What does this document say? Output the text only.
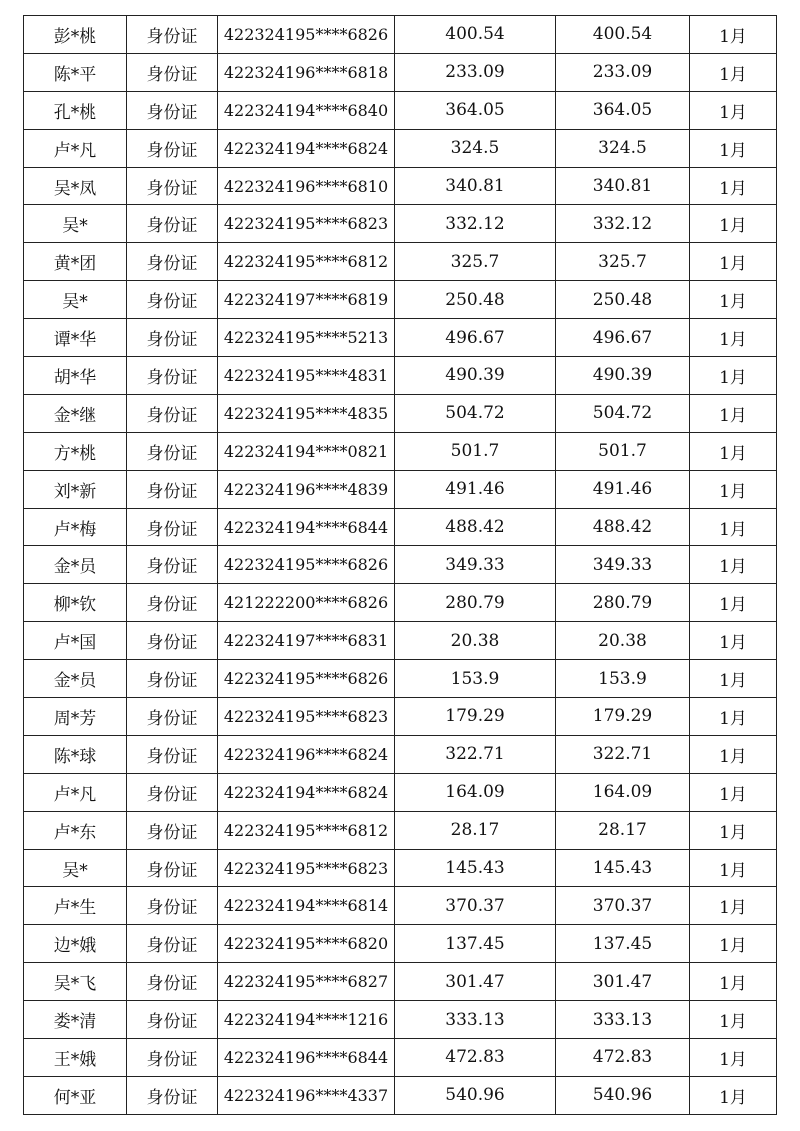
彭*桃	身份证	422324195****6826	400.54	400.54	1月
陈*平	身份证	422324196****6818	233.09	233.09	1月
孔*桃	身份证	422324194****6840	364.05	364.05	1月
卢*凡	身份证	422324194****6824	324.5	324.5	1月
吴*凤	身份证	422324196****6810	340.81	340.81	1月
吴*	身份证	422324195****6823	332.12	332.12	1月
黄*团	身份证	422324195****6812	325.7	325.7	1月
吴*	身份证	422324197****6819	250.48	250.48	1月
谭*华	身份证	422324195****5213	496.67	496.67	1月
胡*华	身份证	422324195****4831	490.39	490.39	1月
金*继	身份证	422324195****4835	504.72	504.72	1月
方*桃	身份证	422324194****0821	501.7	501.7	1月
刘*新	身份证	422324196****4839	491.46	491.46	1月
卢*梅	身份证	422324194****6844	488.42	488.42	1月
金*员	身份证	422324195****6826	349.33	349.33	1月
柳*钦	身份证	421222200****6826	280.79	280.79	1月
卢*国	身份证	422324197****6831	20.38	20.38	1月
金*员	身份证	422324195****6826	153.9	153.9	1月
周*芳	身份证	422324195****6823	179.29	179.29	1月
陈*球	身份证	422324196****6824	322.71	322.71	1月
卢*凡	身份证	422324194****6824	164.09	164.09	1月
卢*东	身份证	422324195****6812	28.17	28.17	1月
吴*	身份证	422324195****6823	145.43	145.43	1月
卢*生	身份证	422324194****6814	370.37	370.37	1月
边*娥	身份证	422324195****6820	137.45	137.45	1月
吴*飞	身份证	422324195****6827	301.47	301.47	1月
娄*清	身份证	422324194****1216	333.13	333.13	1月
王*娥	身份证	422324196****6844	472.83	472.83	1月
何*亚	身份证	422324196****4337	540.96	540.96	1月
